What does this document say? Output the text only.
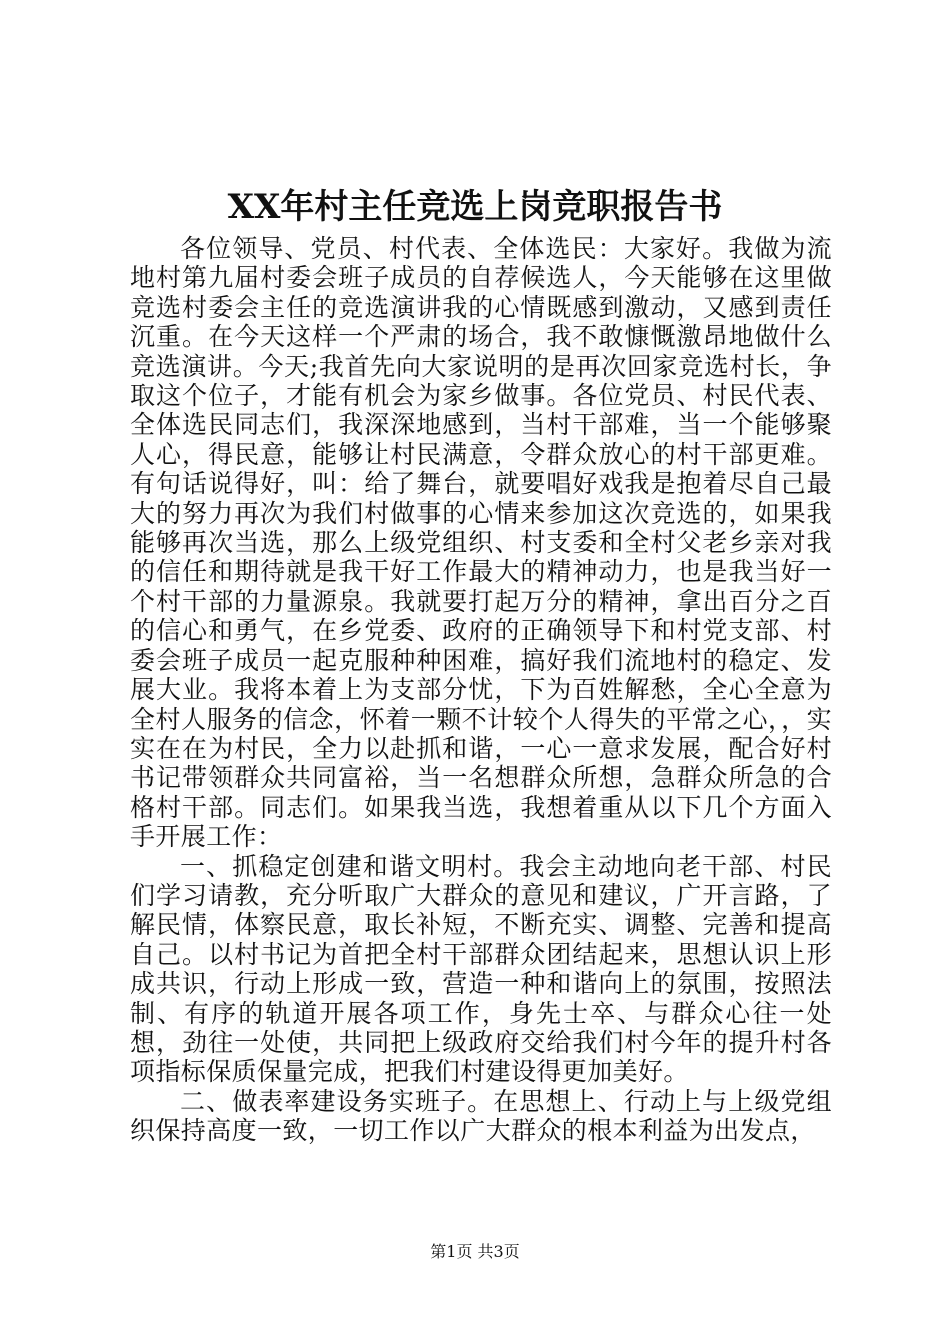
XX年村主任竞选上岗竞职报告书

各位领导、党员、村代表、全体选民：大家好。我做为流地村第九届村委会班子成员的自荐候选人，今天能够在这里做竞选村委会主任的竞选演讲我的心情既感到激动，又感到责任沉重。在今天这样一个严肃的场合，我不敢慷慨激昂地做什么竞选演讲。今天;我首先向大家说明的是再次回家竞选村长，争取这个位子，才能有机会为家乡做事。各位党员、村民代表、全体选民同志们，我深深地感到，当村干部难，当一个能够聚人心，得民意，能够让村民满意，令群众放心的村干部更难。有句话说得好，叫：给了舞台，就要唱好戏我是抱着尽自己最大的努力再次为我们村做事的心情来参加这次竞选的，如果我能够再次当选，那么上级党组织、村支委和全村父老乡亲对我的信任和期待就是我干好工作最大的精神动力，也是我当好一个村干部的力量源泉。我就要打起万分的精神，拿出百分之百的信心和勇气，在乡党委、政府的正确领导下和村党支部、村委会班子成员一起克服种种困难，搞好我们流地村的稳定、发展大业。我将本着上为支部分忧，下为百姓解愁，全心全意为全村人服务的信念，怀着一颗不计较个人得失的平常之心，，实实在在为村民，全力以赴抓和谐，一心一意求发展，配合好村书记带领群众共同富裕，当一名想群众所想，急群众所急的合格村干部。同志们。如果我当选，我想着重从以下几个方面入手开展工作：

一、抓稳定创建和谐文明村。我会主动地向老干部、村民们学习请教，充分听取广大群众的意见和建议，广开言路，了解民情，体察民意，取长补短，不断充实、调整、完善和提高自己。以村书记为首把全村干部群众团结起来，思想认识上形成共识，行动上形成一致，营造一种和谐向上的氛围，按照法制、有序的轨道开展各项工作，身先士卒、与群众心往一处想，劲往一处使，共同把上级政府交给我们村今年的提升村各项指标保质保量完成，把我们村建设得更加美好。

二、做表率建设务实班子。在思想上、行动上与上级党组织保持高度一致，一切工作以广大群众的根本利益为出发点，

第1页 共3页
